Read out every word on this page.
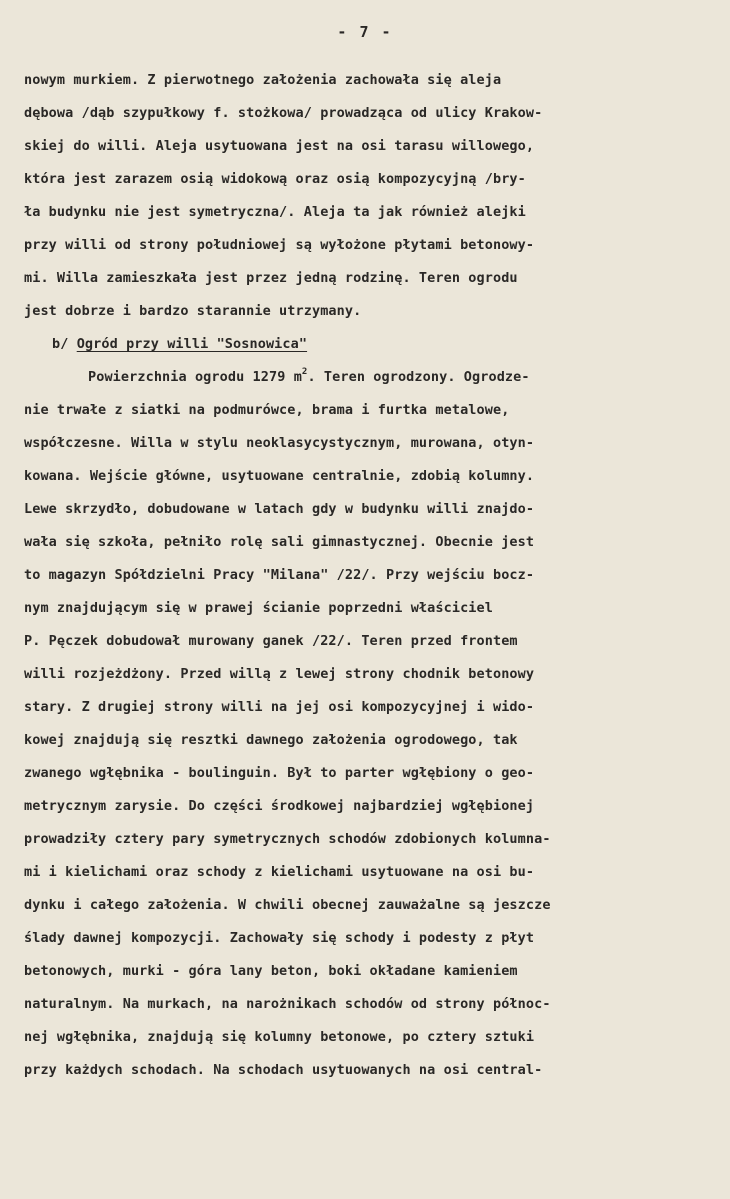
- 7 -
nowym murkiem. Z pierwotnego założenia zachowała się aleja
dębowa /dąb szypułkowy f. stożkowa/ prowadząca od ulicy Krakow-
skiej do willi. Aleja usytuowana jest na osi tarasu willowego,
która jest zarazem osią widokową oraz osią kompozycyjną /bry-
ła budynku nie jest symetryczna/. Aleja ta jak również alejki
przy willi od strony południowej są wyłożone płytami betonowy-
mi. Willa zamieszkała jest przez jedną rodzinę. Teren ogrodu
jest dobrze i bardzo starannie utrzymany.
b/ Ogród przy willi "Sosnowica"
Powierzchnia ogrodu 1279 $m^2$. Teren ogrodzony. Ogrodze-
nie trwałe z siatki na podmurówce, brama i furtka metalowe,
współczesne. Willa w stylu neoklasycystycznym, murowana, otyn-
kowana. Wejście główne, usytuowane centralnie, zdobią kolumny.
Lewe skrzydło, dobudowane w latach gdy w budynku willi znajdo-
wała się szkoła, pełniło rolę sali gimnastycznej. Obecnie jest
to magazyn Spółdzielni Pracy "Milana" /22/. Przy wejściu bocz-
nym znajdującym się w prawej ścianie poprzedni właściciel
P. Pęczek dobudował murowany ganek /22/. Teren przed frontem
willi rozjeżdżony. Przed willą z lewej strony chodnik betonowy
stary. Z drugiej strony willi na jej osi kompozycyjnej i wido-
kowej znajdują się resztki dawnego założenia ogrodowego, tak
zwanego wgłębnika - boulinguin. Był to parter wgłębiony o geo-
metrycznym zarysie. Do części środkowej najbardziej wgłębionej
prowadziły cztery pary symetrycznych schodów zdobionych kolumna-
mi i kielichami oraz schody z kielichami usytuowane na osi bu-
dynku i całego założenia. W chwili obecnej zauważalne są jeszcze
ślady dawnej kompozycji. Zachowały się schody i podesty z płyt
betonowych, murki - góra lany beton, boki okładane kamieniem
naturalnym. Na murkach, na narożnikach schodów od strony północ-
nej wgłębnika, znajdują się kolumny betonowe, po cztery sztuki
przy każdych schodach. Na schodach usytuowanych na osi central-
